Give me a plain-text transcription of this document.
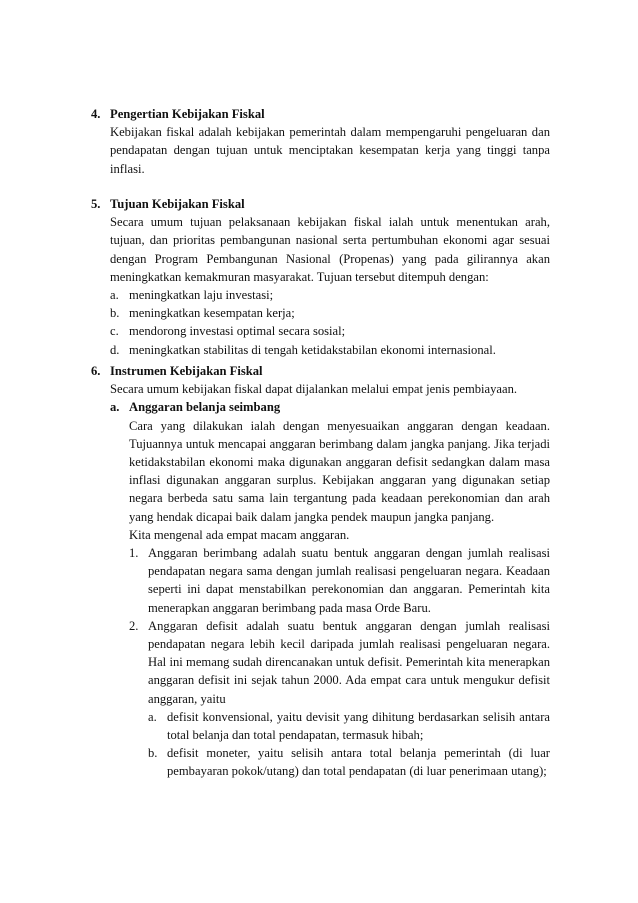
4. Pengertian Kebijakan Fiskal

Kebijakan fiskal adalah kebijakan pemerintah dalam mempengaruhi pengeluaran dan pendapatan dengan tujuan untuk menciptakan kesempatan kerja yang tinggi tanpa inflasi.

5. Tujuan Kebijakan Fiskal

Secara umum tujuan pelaksanaan kebijakan fiskal ialah untuk menentukan arah, tujuan, dan prioritas pembangunan nasional serta pertumbuhan ekonomi agar sesuai dengan Program Pembangunan Nasional (Propenas) yang pada gilirannya akan meningkatkan kemakmuran masyarakat. Tujuan tersebut ditempuh dengan:

a. meningkatkan laju investasi;
b. meningkatkan kesempatan kerja;
c. mendorong investasi optimal secara sosial;
d. meningkatkan stabilitas di tengah ketidakstabilan ekonomi internasional.
6. Instrumen Kebijakan Fiskal

Secara umum kebijakan fiskal dapat dijalankan melalui empat jenis pembiayaan.

a. Anggaran belanja seimbang

Cara yang dilakukan ialah dengan menyesuaikan anggaran dengan keadaan. Tujuannya untuk mencapai anggaran berimbang dalam jangka panjang. Jika terjadi ketidakstabilan ekonomi maka digunakan anggaran defisit sedangkan dalam masa inflasi digunakan anggaran surplus. Kebijakan anggaran yang digunakan setiap negara berbeda satu sama lain tergantung pada keadaan perekonomian dan arah yang hendak dicapai baik dalam jangka pendek maupun jangka panjang.

Kita mengenal ada empat macam anggaran.

1. Anggaran berimbang adalah suatu bentuk anggaran dengan jumlah realisasi pendapatan negara sama dengan jumlah realisasi pengeluaran negara. Keadaan seperti ini dapat menstabilkan perekonomian dan anggaran. Pemerintah kita menerapkan anggaran berimbang pada masa Orde Baru.

2. Anggaran defisit adalah suatu bentuk anggaran dengan jumlah realisasi pendapatan negara lebih kecil daripada jumlah realisasi pengeluaran negara. Hal ini memang sudah direncanakan untuk defisit. Pemerintah kita menerapkan anggaran defisit ini sejak tahun 2000. Ada empat cara untuk mengukur defisit anggaran, yaitu

a. defisit konvensional, yaitu devisit yang dihitung berdasarkan selisih antara total belanja dan total pendapatan, termasuk hibah;

b. defisit moneter, yaitu selisih antara total belanja pemerintah (di luar pembayaran pokok/utang) dan total pendapatan (di luar penerimaan utang);
